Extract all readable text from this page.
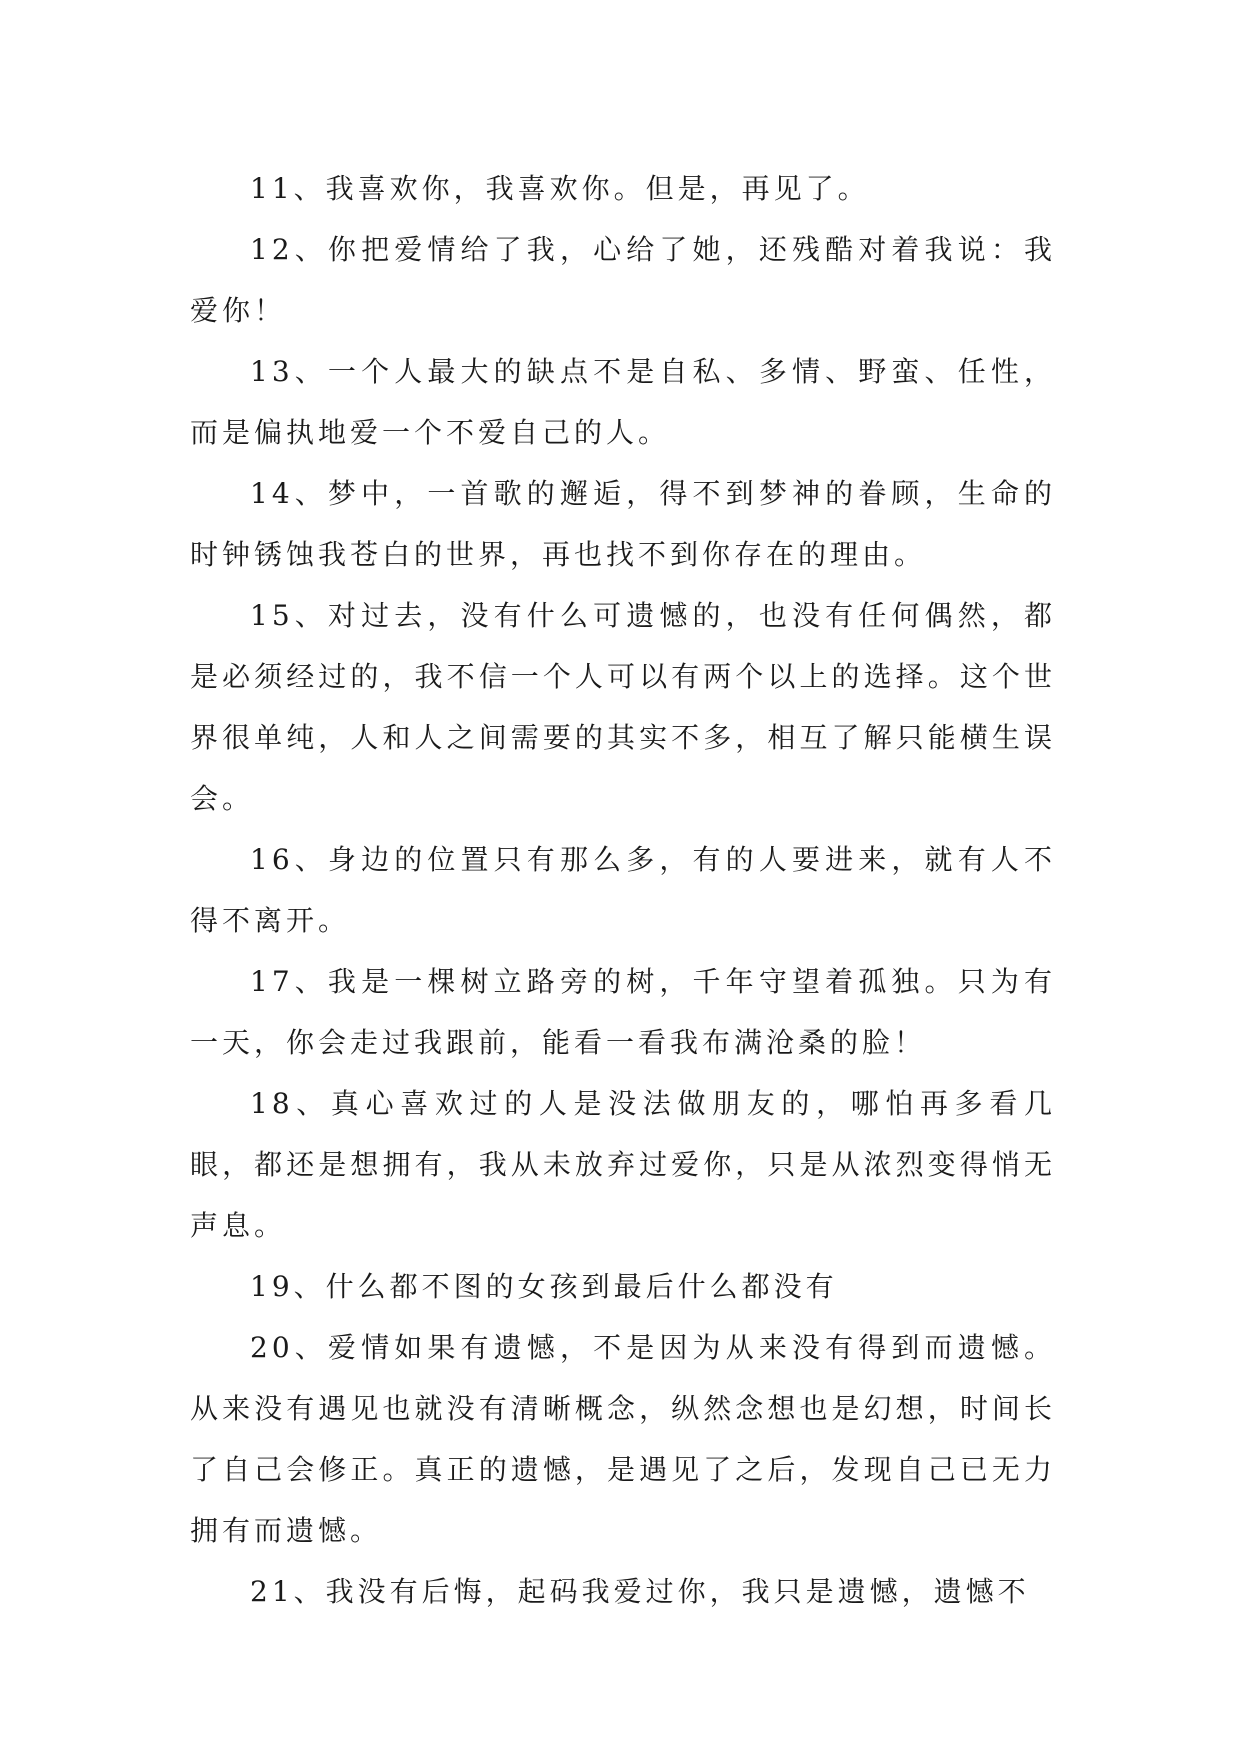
11、我喜欢你，我喜欢你。但是，再见了。

12、你把爱情给了我，心给了她，还残酷对着我说：我爱你！

13、一个人最大的缺点不是自私、多情、野蛮、任性，而是偏执地爱一个不爱自己的人。

14、梦中，一首歌的邂逅，得不到梦神的眷顾，生命的时钟锈蚀我苍白的世界，再也找不到你存在的理由。

15、对过去，没有什么可遗憾的，也没有任何偶然，都是必须经过的，我不信一个人可以有两个以上的选择。这个世界很单纯，人和人之间需要的其实不多，相互了解只能横生误会。

16、身边的位置只有那么多，有的人要进来，就有人不得不离开。

17、我是一棵树立路旁的树，千年守望着孤独。只为有一天，你会走过我跟前，能看一看我布满沧桑的脸！

18、真心喜欢过的人是没法做朋友的，哪怕再多看几眼，都还是想拥有，我从未放弃过爱你，只是从浓烈变得悄无声息。

19、什么都不图的女孩到最后什么都没有

20、爱情如果有遗憾，不是因为从来没有得到而遗憾。从来没有遇见也就没有清晰概念，纵然念想也是幻想，时间长了自己会修正。真正的遗憾，是遇见了之后，发现自己已无力拥有而遗憾。

21、我没有后悔，起码我爱过你，我只是遗憾，遗憾不
